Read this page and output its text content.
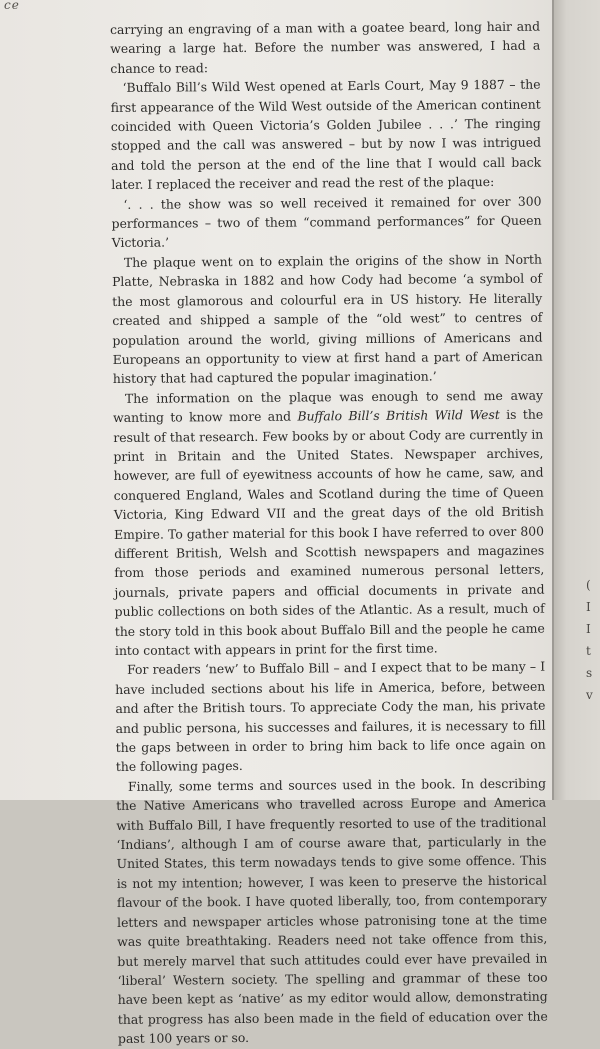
ce

carrying an engraving of a man with a goatee beard, long hair and wearing a large hat. Before the number was answered, I had a chance to read:

‘Buffalo Bill’s Wild West opened at Earls Court, May 9 1887 – the first appearance of the Wild West outside of the American continent coincided with Queen Victoria’s Golden Jubilee . . .’ The ringing stopped and the call was answered – but by now I was intrigued and told the person at the end of the line that I would call back later. I replaced the receiver and read the rest of the plaque:

‘. . . the show was so well received it remained for over 300 performances – two of them “command performances” for Queen Victoria.’

The plaque went on to explain the origins of the show in North Platte, Nebraska in 1882 and how Cody had become ‘a symbol of the most glamorous and colourful era in US history. He literally created and shipped a sample of the “old west” to centres of population around the world, giving millions of Americans and Europeans an opportunity to view at first hand a part of American history that had captured the popular imagination.’

The information on the plaque was enough to send me away wanting to know more and Buffalo Bill’s British Wild West is the result of that research. Few books by or about Cody are currently in print in Britain and the United States. Newspaper archives, however, are full of eyewitness accounts of how he came, saw, and conquered England, Wales and Scotland during the time of Queen Victoria, King Edward VII and the great days of the old British Empire. To gather material for this book I have referred to over 800 different British, Welsh and Scottish newspapers and magazines from those periods and examined numerous personal letters, journals, private papers and official documents in private and public collections on both sides of the Atlantic. As a result, much of the story told in this book about Buffalo Bill and the people he came into contact with appears in print for the first time.

For readers ‘new’ to Buffalo Bill – and I expect that to be many – I have included sections about his life in America, before, between and after the British tours. To appreciate Cody the man, his private and public persona, his successes and failures, it is necessary to fill the gaps between in order to bring him back to life once again on the following pages.

Finally, some terms and sources used in the book. In describing the Native Americans who travelled across Europe and America with Buffalo Bill, I have frequently resorted to use of the traditional ‘Indians’, although I am of course aware that, particularly in the United States, this term nowadays tends to give some offence. This is not my intention; however, I was keen to preserve the historical flavour of the book. I have quoted liberally, too, from contemporary letters and newspaper articles whose patronising tone at the time was quite breathtaking. Readers need not take offence from this, but merely marvel that such attitudes could ever have prevailed in ‘liberal’ Western society. The spelling and grammar of these too have been kept as ‘native’ as my editor would allow, demonstrating that progress has also been made in the field of education over the past 100 years or so.

(
I
I
t
s
v
